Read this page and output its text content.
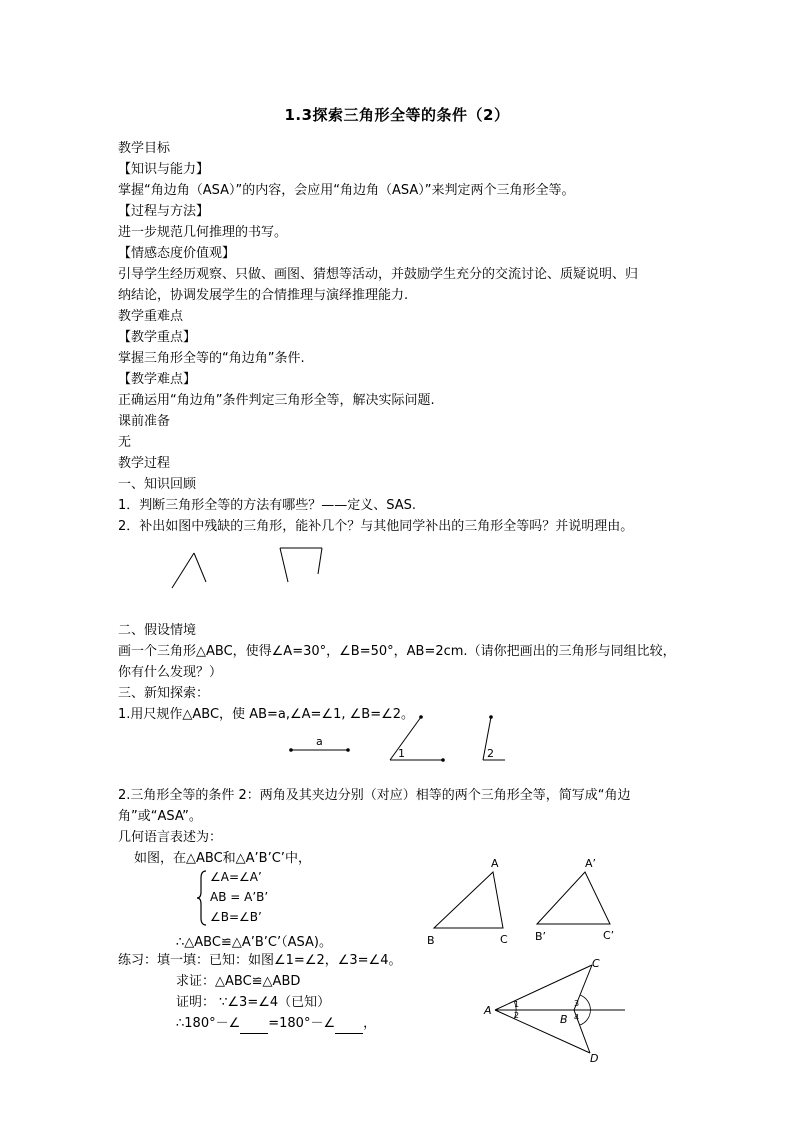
1.3探索三角形全等的条件（2）
教学目标
【知识与能力】
掌握“角边角（ASA）”的内容，会应用“角边角（ASA）”来判定两个三角形全等。
【过程与方法】
进一步规范几何推理的书写。
【情感态度价值观】
引导学生经历观察、只做、画图、猜想等活动，并鼓励学生充分的交流讨论、质疑说明、归
纳结论，协调发展学生的合情推理与演绎推理能力.
教学重难点
【教学重点】
掌握三角形全等的“角边角”条件.
【教学难点】
正确运用“角边角”条件判定三角形全等，解决实际问题.
课前准备
无
教学过程
一、知识回顾
1．判断三角形全等的方法有哪些？——定义、SAS.
2．补出如图中残缺的三角形，能补几个？与其他同学补出的三角形全等吗？并说明理由。
二、假设情境
画一个三角形△ABC，使得∠A=30°，∠B=50°，AB=2cm.（请你把画出的三角形与同组比较，
你有什么发现？）
三、新知探索：
1.用尺规作△ABC，使 AB=a,∠A=∠1, ∠B=∠2。
a
1	2
2.三角形全等的条件 2：两角及其夹边分别（对应）相等的两个三角形全等，简写成“角边
角”或“ASA”。
几何语言表述为：
如图，在△ABC和△A’B’C’中，
∠A=∠A’
AB = A’B’
∠B=∠B’
∴△ABC≌△A’B’C’（ASA)。
A
B	C
A’
B’	C’
练习：填一填：已知：如图∠1=∠2，∠3=∠4。
求证：△ABC≌△ABD
证明： ∵∠3=∠4（已知）
∴180°－∠ =180°－∠ ，
A
C
B
D
1
2
3
4
